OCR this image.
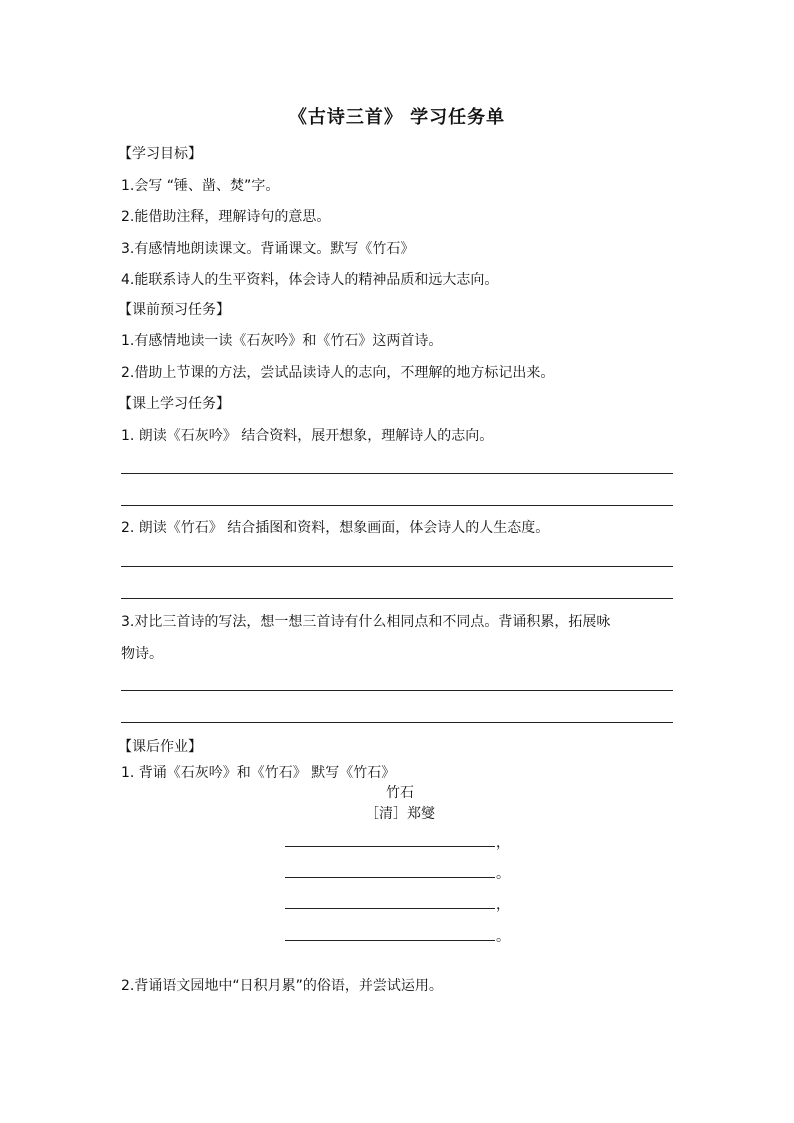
《古诗三首》 学习任务单
【学习目标】
1.会写 “锤、凿、焚”字。
2.能借助注释，理解诗句的意思。
3.有感情地朗读课文。背诵课文。默写《竹石》
4.能联系诗人的生平资料，体会诗人的精神品质和远大志向。
【课前预习任务】
1.有感情地读一读《石灰吟》和《竹石》这两首诗。
2.借助上节课的方法，尝试品读诗人的志向，不理解的地方标记出来。
【课上学习任务】
1. 朗读《石灰吟》 结合资料，展开想象，理解诗人的志向。
2. 朗读《竹石》 结合插图和资料，想象画面，体会诗人的人生态度。
3.对比三首诗的写法，想一想三首诗有什么相同点和不同点。背诵积累，拓展咏
物诗。
【课后作业】
1. 背诵《石灰吟》和《竹石》 默写《竹石》
竹石
［清］郑燮
，
。
，
。
2.背诵语文园地中“日积月累”的俗语，并尝试运用。
